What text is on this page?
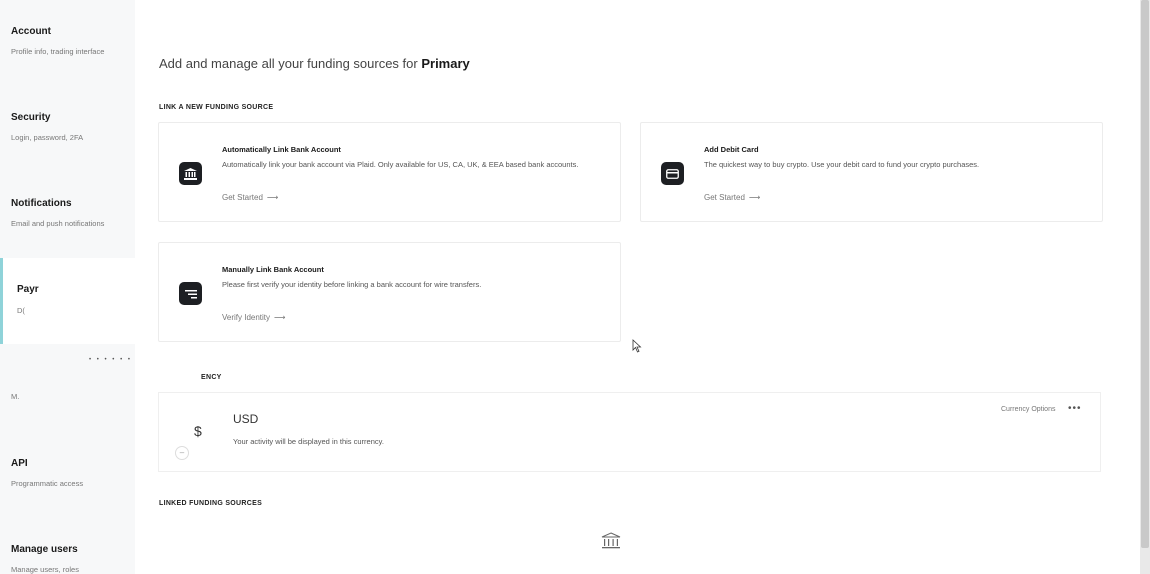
Account
Profile info, trading interface
Security
Login, password, 2FA
Notifications
Email and push notifications
Payr
D(
• • • • • •
M.
API
Programmatic access
Manage users
Manage users, roles
Add and manage all your funding sources for Primary
LINK A NEW FUNDING SOURCE
Automatically Link Bank Account
Automatically link your bank account via Plaid. Only available for US, CA, UK, & EEA based bank accounts.
Get Started ⟶
Add Debit Card
The quickest way to buy crypto. Use your debit card to fund your crypto purchases.
Get Started ⟶
Manually Link Bank Account
Please first verify your identity before linking a bank account for wire transfers.
Verify Identity ⟶
ENCY
$
–
USD
Your activity will be displayed in this currency.
Currency Options •••
LINKED FUNDING SOURCES
